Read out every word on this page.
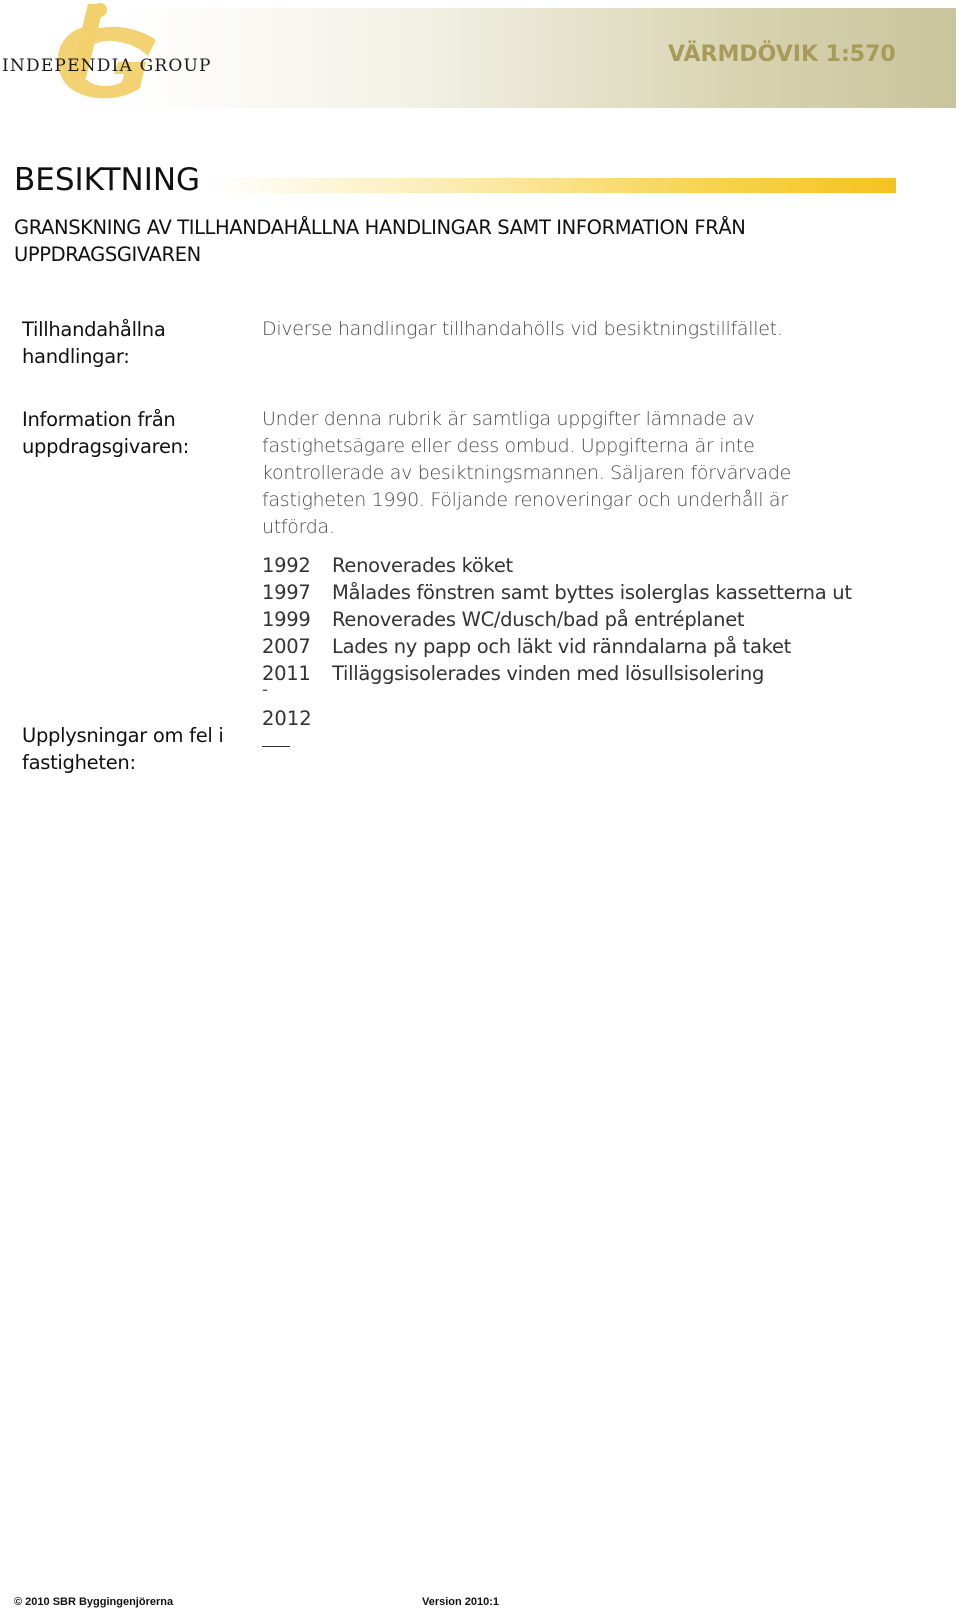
INDEPENDIA GROUP	VÄRMDÖVIK 1:570
BESIKTNING
GRANSKNING AV TILLHANDAHÅLLNA HANDLINGAR SAMT INFORMATION FRÅN UPPDRAGSGIVAREN
Tillhandahållna handlingar:
Diverse handlingar tillhandahölls vid besiktningstillfället.
Information från uppdragsgivaren:
Under denna rubrik är samtliga uppgifter lämnade av fastighetsägare eller dess ombud. Uppgifterna är inte kontrollerade av besiktningsmannen. Säljaren förvärvade fastigheten 1990. Följande renoveringar och underhåll är utförda.
1992	Renoverades köket
1997	Målades fönstren samt byttes isolerglas kassetterna ut
1999	Renoverades WC/dusch/bad på entréplanet
2007	Lades ny papp och läkt vid ränndalarna på taket
2011	Tilläggsisolerades vinden med lösullsisolering
-
2012
Upplysningar om fel i fastigheten:
© 2010 SBR Byggingenjörerna	Version 2010:1
